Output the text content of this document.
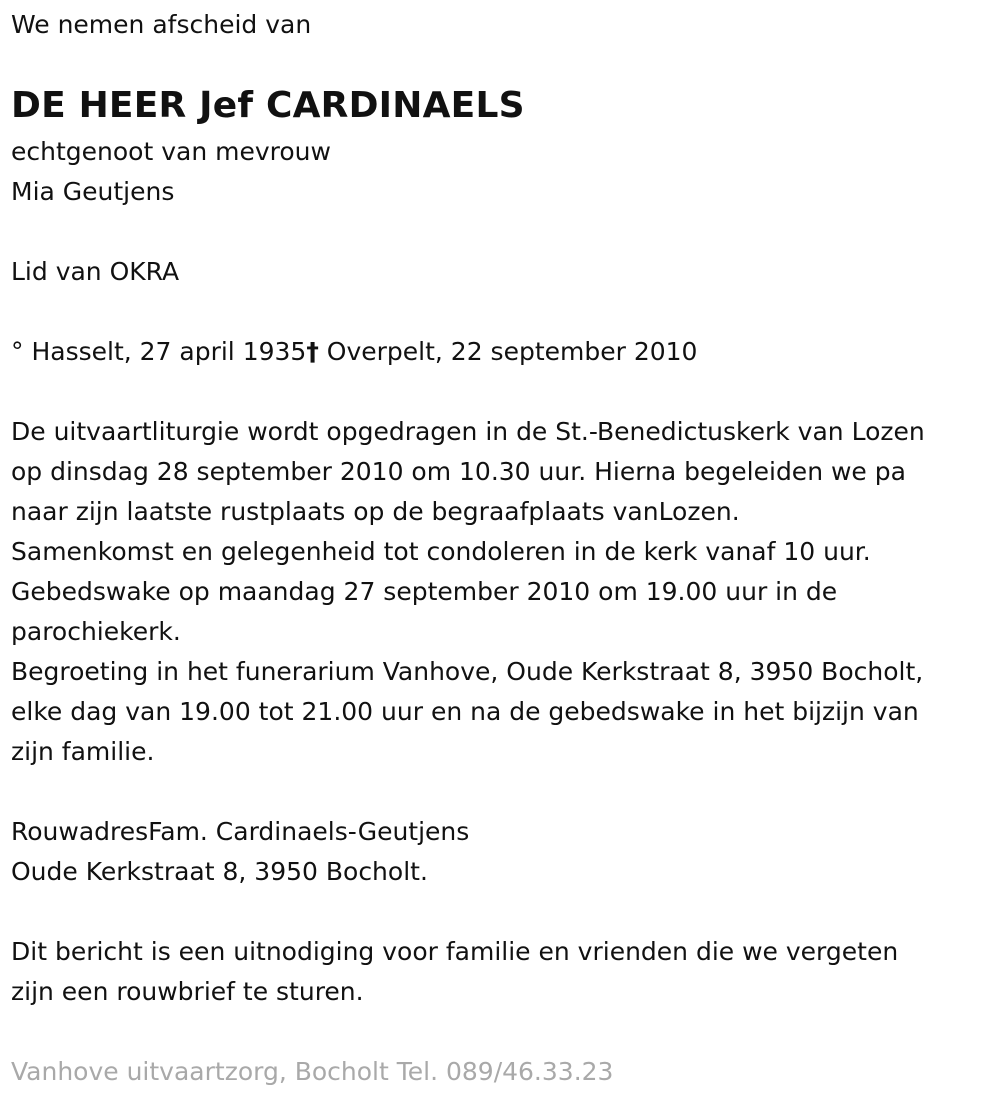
We nemen afscheid van

DE HEER Jef CARDINAELS

echtgenoot van mevrouw

Mia Geutjens

Lid van OKRA

° Hasselt, 27 april 1935† Overpelt, 22 september 2010

De uitvaartliturgie wordt opgedragen in de St.-Benedictuskerk van Lozen

op dinsdag 28 september 2010 om 10.30 uur. Hierna begeleiden we pa

naar zijn laatste rustplaats op de begraafplaats vanLozen.

Samenkomst en gelegenheid tot condoleren in de kerk vanaf 10 uur.

Gebedswake op maandag 27 september 2010 om 19.00 uur in de

parochiekerk.

Begroeting in het funerarium Vanhove, Oude Kerkstraat 8, 3950 Bocholt,

elke dag van 19.00 tot 21.00 uur en na de gebedswake in het bijzijn van

zijn familie.

RouwadresFam. Cardinaels-Geutjens

Oude Kerkstraat 8, 3950 Bocholt.

Dit bericht is een uitnodiging voor familie en vrienden die we vergeten

zijn een rouwbrief te sturen.

Vanhove uitvaartzorg, Bocholt Tel. 089/46.33.23
